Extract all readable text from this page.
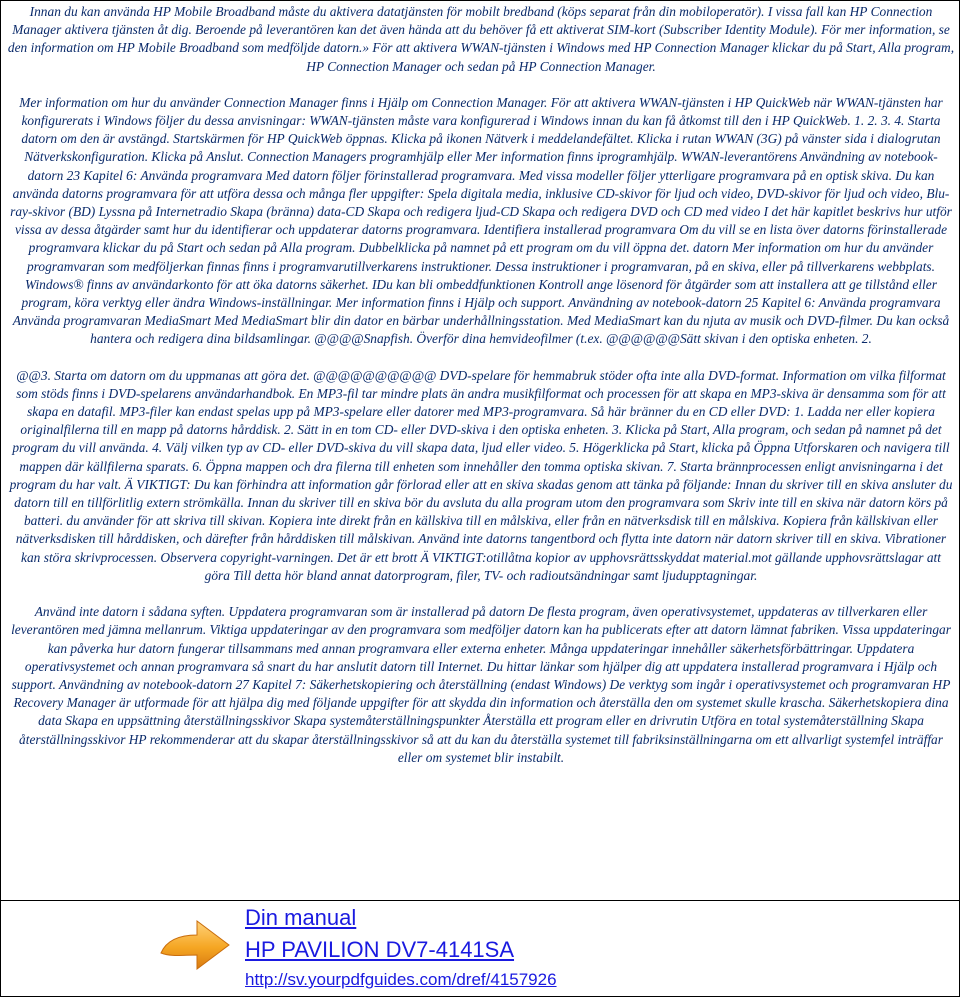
Innan du kan använda HP Mobile Broadband måste du aktivera datatjänsten för mobilt bredband (köps separat från din mobiloperatör). I vissa fall kan HP Connection Manager aktivera tjänsten åt dig. Beroende på leverantören kan det även hända att du behöver få ett aktiverat SIM-kort (Subscriber Identity Module). För mer information, se den information om HP Mobile Broadband som medföljde datorn.» För att aktivera WWAN-tjänsten i Windows med HP Connection Manager klickar du på Start, Alla program, HP Connection Manager och sedan på HP Connection Manager.

Mer information om hur du använder Connection Manager finns i Hjälp om Connection Manager. För att aktivera WWAN-tjänsten i HP QuickWeb när WWAN-tjänsten har konfigurerats i Windows följer du dessa anvisningar: WWAN-tjänsten måste vara konfigurerad i Windows innan du kan få åtkomst till den i HP QuickWeb. 1. 2. 3. 4. Starta datorn om den är avstängd. Startskärmen för HP QuickWeb öppnas. Klicka på ikonen Nätverk i meddelandefältet. Klicka i rutan WWAN (3G) på vänster sida i dialogrutan Nätverkskonfiguration. Klicka på Anslut. Connection Managers programhjälp eller Mer information finns iprogramhjälp. WWAN-leverantörens Användning av notebook-datorn 23 Kapitel 6: Använda programvara Med datorn följer förinstallerad programvara. Med vissa modeller följer ytterligare programvara på en optisk skiva. Du kan använda datorns programvara för att utföra dessa och många fler uppgifter: Spela digitala media, inklusive CD-skivor för ljud och video, DVD-skivor för ljud och video, Blu-ray-skivor (BD) Lyssna på Internetradio Skapa (bränna) data-CD Skapa och redigera ljud-CD Skapa och redigera DVD och CD med video I det här kapitlet beskrivs hur utför vissa av dessa åtgärder samt hur du identifierar och uppdaterar datorns programvara. Identifiera installerad programvara Om du vill se en lista över datorns förinstallerade programvara klickar du på Start och sedan på Alla program. Dubbelklicka på namnet på ett program om du vill öppna det. datorn Mer information om hur du använder programvaran som medföljerkan finnas finns i programvarutillverkarens instruktioner. Dessa instruktioner i programvaran, på en skiva, eller på tillverkarens webbplats. Windows® finns av användarkonto för att öka datorns säkerhet. IDu kan bli ombeddfunktionen Kontroll ange lösenord för åtgärder som att installera att ge tillstånd eller program, köra verktyg eller ändra Windows-inställningar. Mer information finns i Hjälp och support. Användning av notebook-datorn 25 Kapitel 6: Använda programvara Använda programvaran MediaSmart Med MediaSmart blir din dator en bärbar underhållningsstation. Med MediaSmart kan du njuta av musik och DVD-filmer. Du kan också hantera och redigera dina bildsamlingar. @@@@Snapfish. Överför dina hemvideofilmer (t.ex. @@@@@@Sätt skivan i den optiska enheten. 2.

@@3. Starta om datorn om du uppmanas att göra det. @@@@@@@@@@ DVD-spelare för hemmabruk stöder ofta inte alla DVD-format. Information om vilka filformat som stöds finns i DVD-spelarens användarhandbok. En MP3-fil tar mindre plats än andra musikfilformat och processen för att skapa en MP3-skiva är densamma som för att skapa en datafil. MP3-filer kan endast spelas upp på MP3-spelare eller datorer med MP3-programvara. Så här bränner du en CD eller DVD: 1. Ladda ner eller kopiera originalfilerna till en mapp på datorns hårddisk. 2. Sätt in en tom CD- eller DVD-skiva i den optiska enheten. 3. Klicka på Start, Alla program, och sedan på namnet på det program du vill använda. 4. Välj vilken typ av CD- eller DVD-skiva du vill skapa data, ljud eller video. 5. Högerklicka på Start, klicka på Öppna Utforskaren och navigera till mappen där källfilerna sparats. 6. Öppna mappen och dra filerna till enheten som innehåller den tomma optiska skivan. 7. Starta brännprocessen enligt anvisningarna i det program du har valt. Ä VIKTIGT: Du kan förhindra att information går förlorad eller att en skiva skadas genom att tänka på följande: Innan du skriver till en skiva ansluter du datorn till en tillförlitlig extern strömkälla. Innan du skriver till en skiva bör du avsluta du alla program utom den programvara som Skriv inte till en skiva när datorn körs på batteri. du använder för att skriva till skivan. Kopiera inte direkt från en källskiva till en målskiva, eller från en nätverksdisk till en målskiva. Kopiera från källskivan eller nätverksdisken till hårddisken, och därefter från hårddisken till målskivan. Använd inte datorns tangentbord och flytta inte datorn när datorn skriver till en skiva. Vibrationer kan störa skrivprocessen. Observera copyright-varningen. Det är ett brott Ä VIKTIGT:otillåtna kopior av upphovsrättsskyddat material.mot gällande upphovsrättslagar att göra Till detta hör bland annat datorprogram, filer, TV- och radioutsändningar samt ljudupptagningar.

Använd inte datorn i sådana syften. Uppdatera programvaran som är installerad på datorn De flesta program, även operativsystemet, uppdateras av tillverkaren eller leverantören med jämna mellanrum. Viktiga uppdateringar av den programvara som medföljer datorn kan ha publicerats efter att datorn lämnat fabriken. Vissa uppdateringar kan påverka hur datorn fungerar tillsammans med annan programvara eller externa enheter. Många uppdateringar innehåller säkerhetsförbättringar. Uppdatera operativsystemet och annan programvara så snart du har anslutit datorn till Internet. Du hittar länkar som hjälper dig att uppdatera installerad programvara i Hjälp och support. Användning av notebook-datorn 27 Kapitel 7: Säkerhetskopiering och återställning (endast Windows) De verktyg som ingår i operativsystemet och programvaran HP Recovery Manager är utformade för att hjälpa dig med följande uppgifter för att skydda din information och återställa den om systemet skulle krascha. Säkerhetskopiera dina data Skapa en uppsättning återställningsskivor Skapa systemåterställningspunkter Återställa ett program eller en drivrutin Utföra en total systemåterställning Skapa återställningsskivor HP rekommenderar att du skapar återställningsskivor så att du kan du återställa systemet till fabriksinställningarna om ett allvarligt systemfel inträffar eller om systemet blir instabilt.

Din manual
HP PAVILION DV7-4141SA
http://sv.yourpdfguides.com/dref/4157926
